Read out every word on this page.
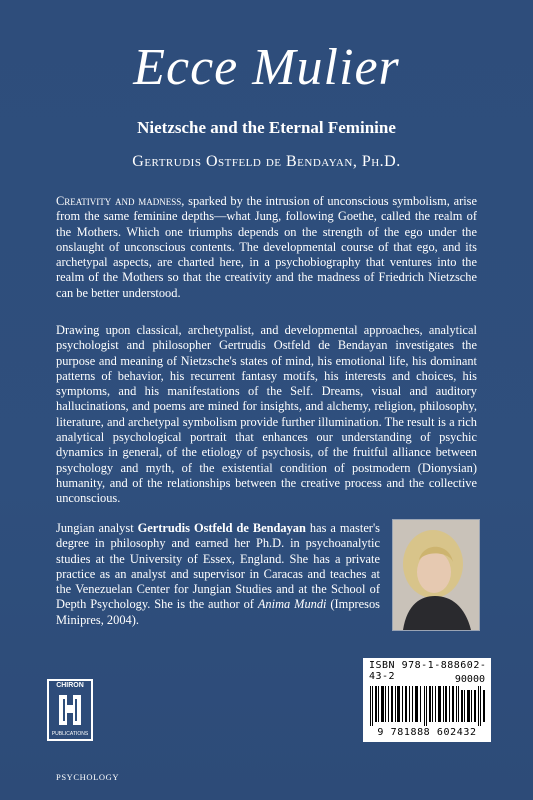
Ecce Mulier
Nietzsche and the Eternal Feminine
Gertrudis Ostfeld de Bendayan, Ph.D.

Creativity and madness, sparked by the intrusion of unconscious symbolism, arise from the same feminine depths—what Jung, following Goethe, called the realm of the Mothers. Which one triumphs depends on the strength of the ego under the onslaught of unconscious contents. The developmental course of that ego, and its archetypal aspects, are charted here, in a psychobiography that ventures into the realm of the Mothers so that the creativity and the madness of Friedrich Nietzsche can be better understood.

Drawing upon classical, archetypalist, and developmental approaches, analytical psychologist and philosopher Gertrudis Ostfeld de Bendayan investigates the purpose and meaning of Nietzsche's states of mind, his emotional life, his dominant patterns of behavior, his recurrent fantasy motifs, his interests and choices, his symptoms, and his manifestations of the Self. Dreams, visual and auditory hallucinations, and poems are mined for insights, and alchemy, religion, philosophy, literature, and archetypal symbolism provide further illumination. The result is a rich analytical psychological portrait that enhances our understanding of psychic dynamics in general, of the etiology of psychosis, of the fruitful alliance between psychology and myth, of the existential condition of postmodern (Dionysian) humanity, and of the relationships between the creative process and the collective unconscious.

Jungian analyst Gertrudis Ostfeld de Bendayan has a master's degree in philosophy and earned her Ph.D. in psychoanalytic studies at the University of Essex, England. She has a private practice as an analyst and supervisor in Caracas and teaches at the Venezuelan Center for Jungian Studies and at the School of Depth Psychology. She is the author of Anima Mundi (Impresos Minipres, 2004).

ISBN 978-1-888602-43-2	90000
9 781888 602432
CHIRON
PUBLICATIONS
PSYCHOLOGY
